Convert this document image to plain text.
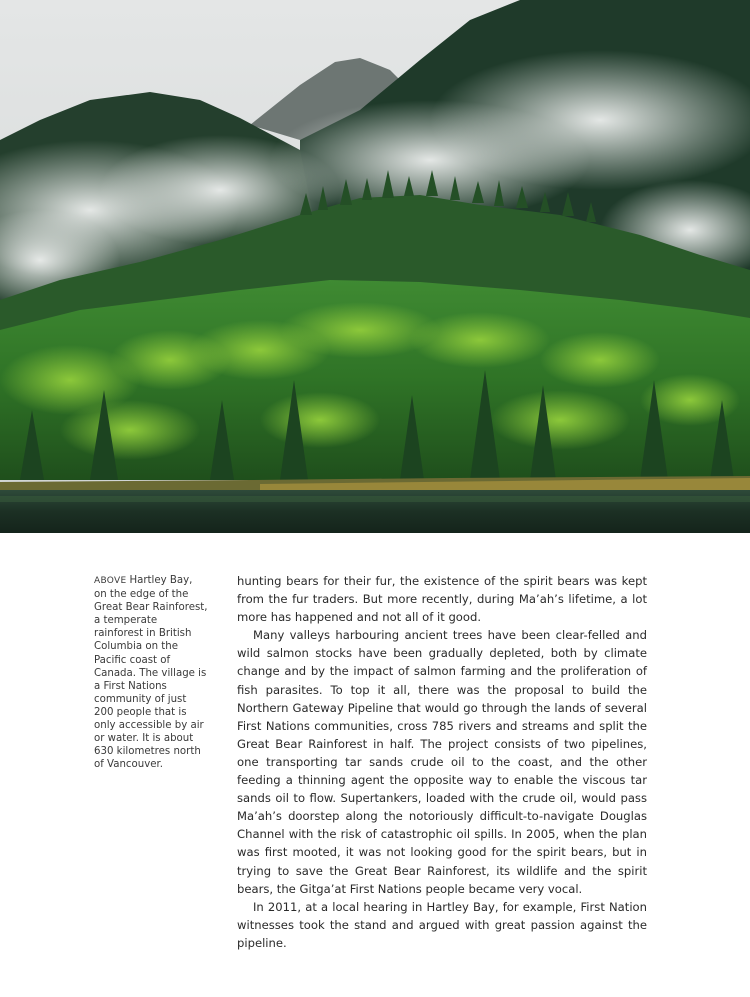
ABOVE Hartley Bay, on the edge of the Great Bear Rainforest, a temperate rainforest in British Columbia on the Pacific coast of Canada. The village is a First Nations community of just 200 people that is only accessible by air or water. It is about 630 kilometres north of Vancouver.

hunting bears for their fur, the existence of the spirit bears was kept from the fur traders. But more recently, during Ma’ah’s lifetime, a lot more has happened and not all of it good.

Many valleys harbouring ancient trees have been clear-felled and wild salmon stocks have been gradually depleted, both by climate change and by the impact of salmon farming and the proliferation of fish parasites. To top it all, there was the proposal to build the Northern Gateway Pipeline that would go through the lands of several First Nations communities, cross 785 rivers and streams and split the Great Bear Rainforest in half. The project consists of two pipelines, one transporting tar sands crude oil to the coast, and the other feeding a thinning agent the opposite way to enable the viscous tar sands oil to flow. Supertankers, loaded with the crude oil, would pass Ma’ah’s doorstep along the notoriously difficult-to-navigate Douglas Channel with the risk of catastrophic oil spills. In 2005, when the plan was first mooted, it was not looking good for the spirit bears, but in trying to save the Great Bear Rainforest, its wildlife and the spirit bears, the Gitga’at First Nations people became very vocal.

In 2011, at a local hearing in Hartley Bay, for example, First Nation witnesses took the stand and argued with great passion against the pipeline.
